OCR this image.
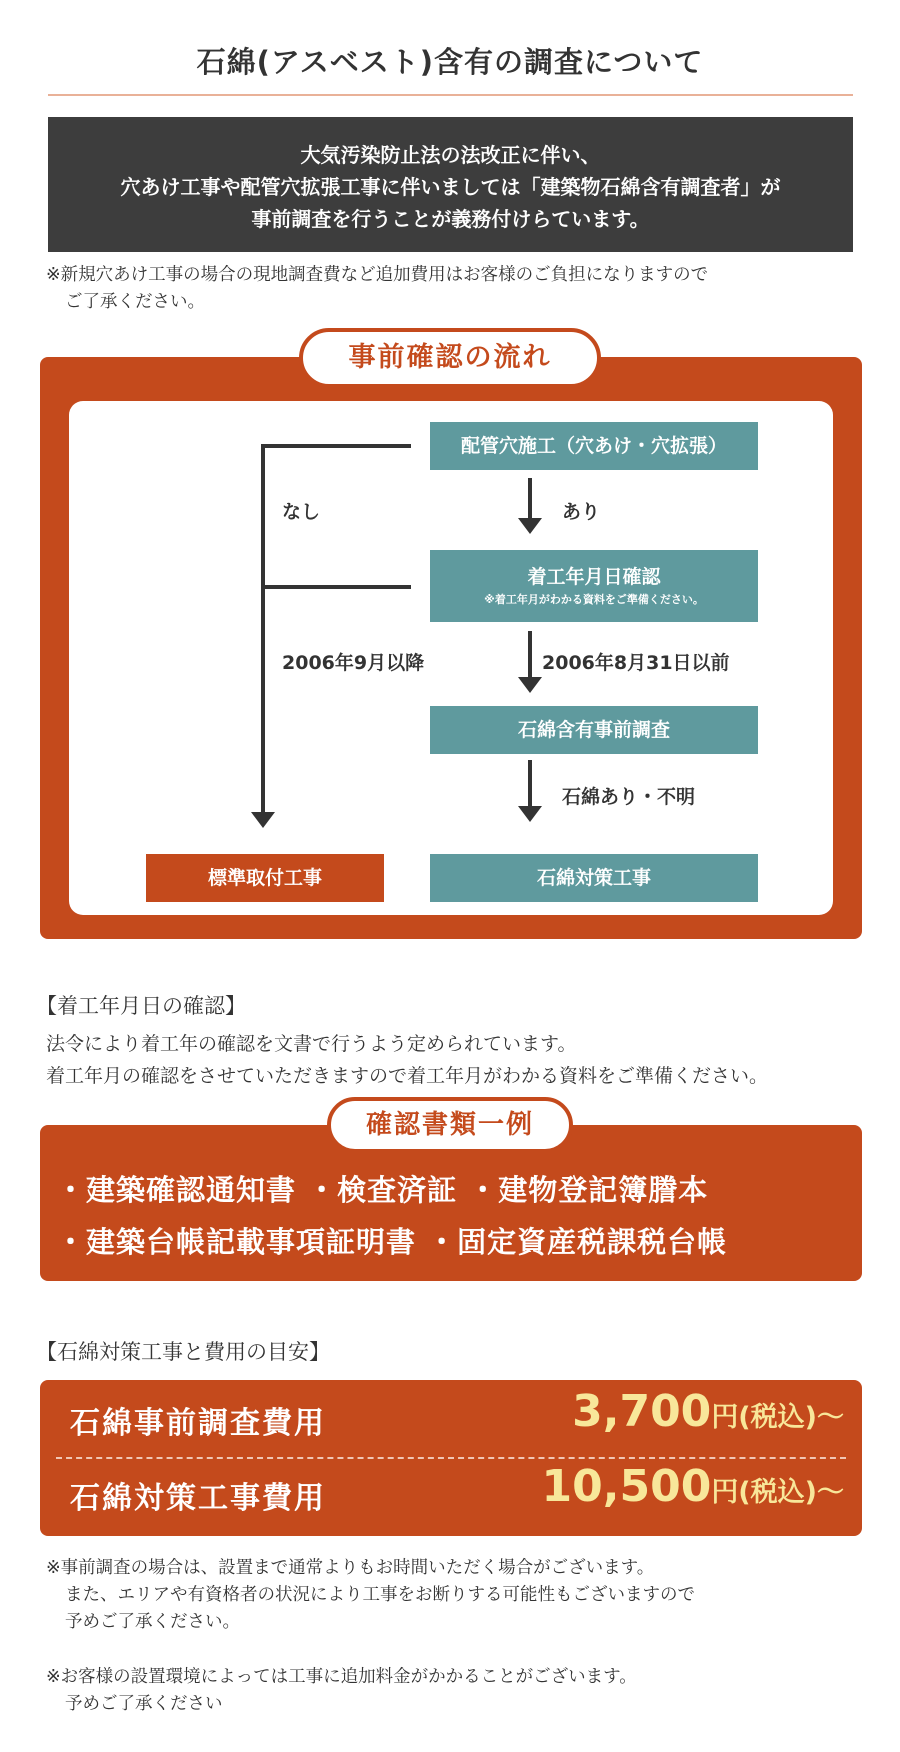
石綿(アスベスト)含有の調査について
大気汚染防止法の法改正に伴い、
穴あけ工事や配管穴拡張工事に伴いましては「建築物石綿含有調査者」が
事前調査を行うことが義務付けらています。
※新規穴あけ工事の場合の現地調査費など追加費用はお客様のご負担になりますので
ご了承ください。
事前確認の流れ
配管穴施工（穴あけ・穴拡張）
着工年月日確認
※着工年月がわかる資料をご準備ください。
石綿含有事前調査
標準取付工事	石綿対策工事
なし	あり
2006年9月以降	2006年8月31日以前
石綿あり・不明
【着工年月日の確認】
法令により着工年の確認を文書で行うよう定められています。
着工年月の確認をさせていただきますので着工年月がわかる資料をご準備ください。
確認書類一例
・建築確認通知書 ・検査済証 ・建物登記簿謄本
・建築台帳記載事項証明書 ・固定資産税課税台帳
【石綿対策工事と費用の目安】
石綿事前調査費用	3,700円(税込)～
石綿対策工事費用	10,500円(税込)～
※事前調査の場合は、設置まで通常よりもお時間いただく場合がございます。
また、エリアや有資格者の状況により工事をお断りする可能性もございますので
予めご了承ください。
※お客様の設置環境によっては工事に追加料金がかかることがございます。
予めご了承ください
